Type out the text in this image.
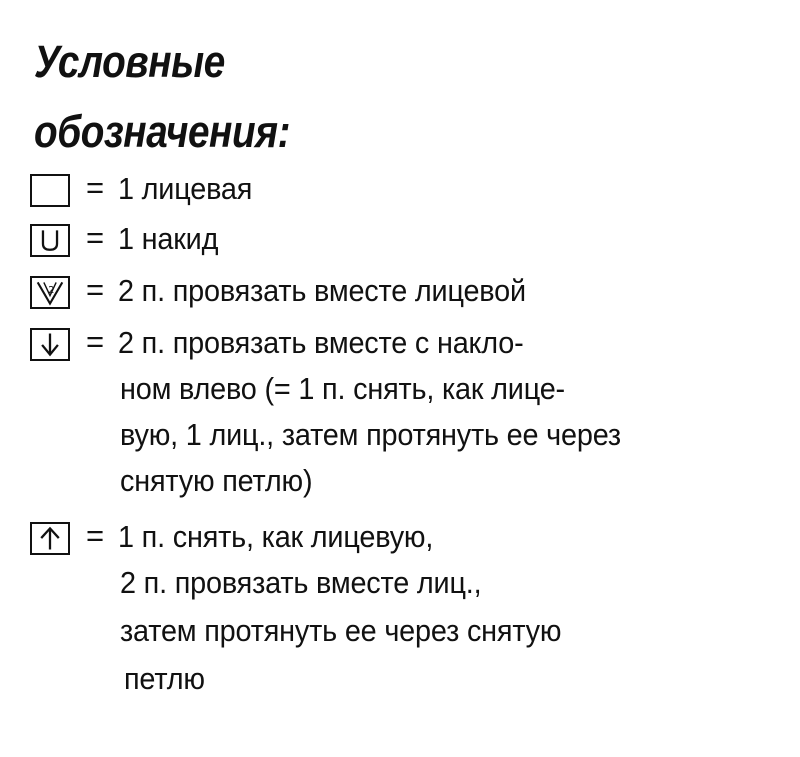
Условные
обозначения:
= 1 лицевая
= 1 накид
2 = 2 п. провязать вместе лицевой
= 2 п. провязать вместе с накло-
ном влево (= 1 п. снять, как лице-
вую, 1 лиц., затем протянуть ее через
снятую петлю)
= 1 п. снять, как лицевую,
2 п. провязать вместе лиц.,
затем протянуть ее через снятую
петлю
